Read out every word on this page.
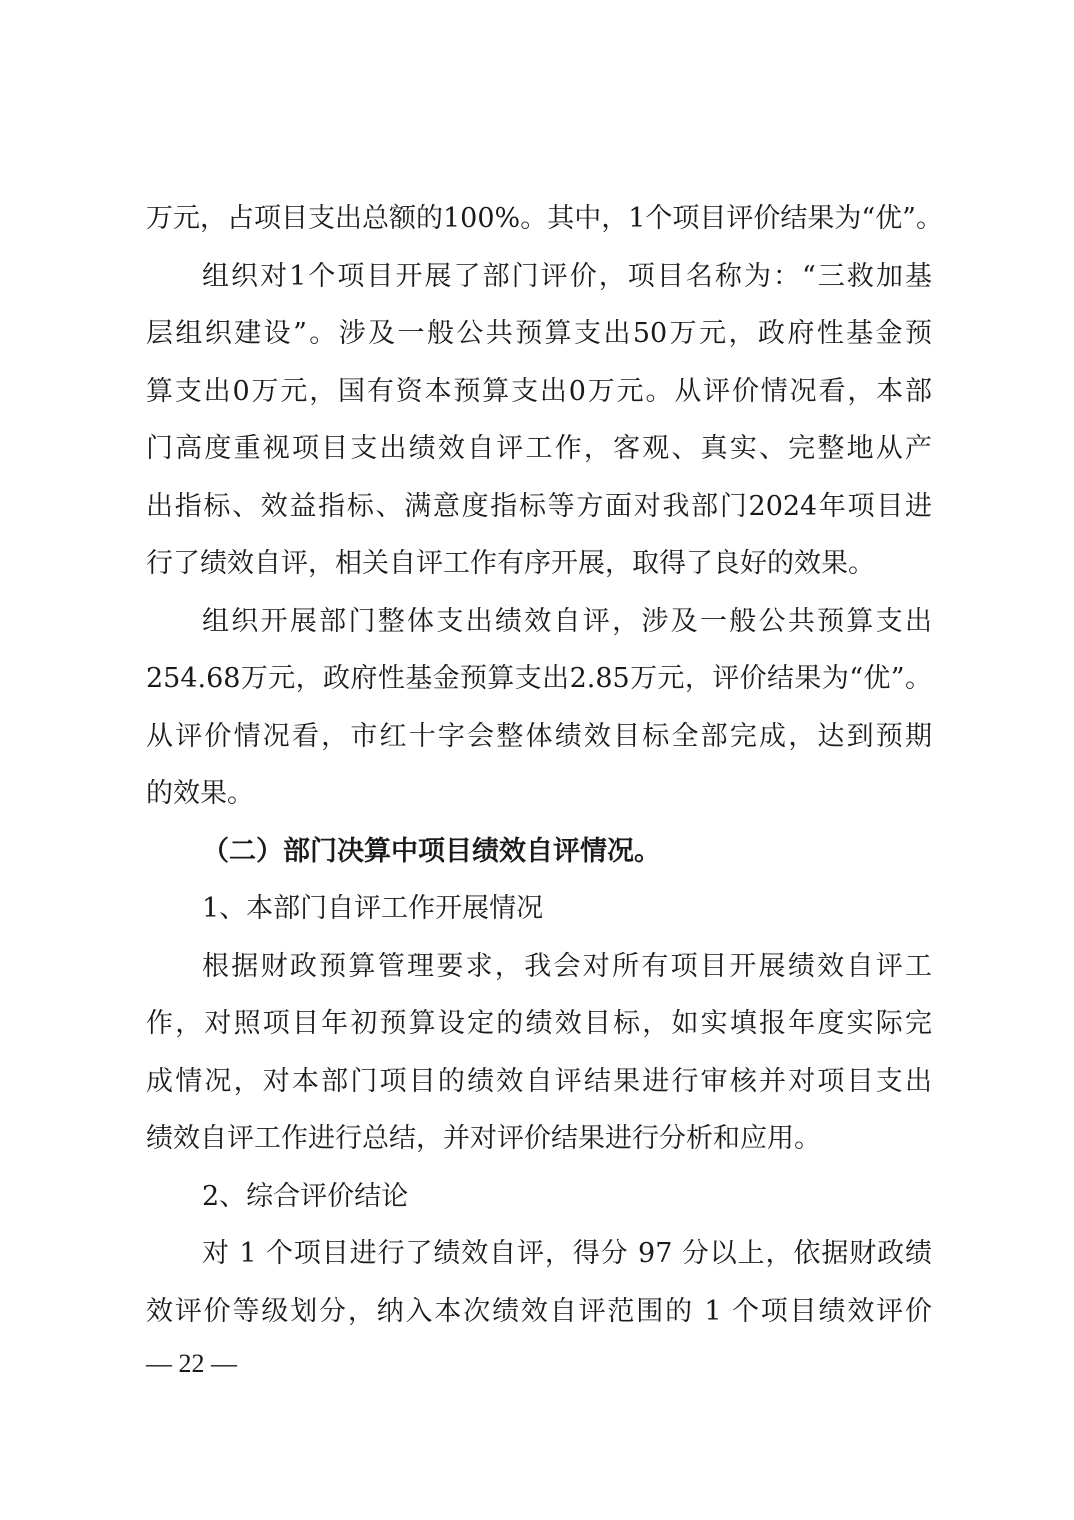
万元，占项目支出总额的100%。其中，1个项目评价结果为“优”。
组织对1个项目开展了部门评价，项目名称为：“三救加基
层组织建设”。涉及一般公共预算支出50万元，政府性基金预
算支出0万元，国有资本预算支出0万元。从评价情况看，本部
门高度重视项目支出绩效自评工作，客观、真实、完整地从产
出指标、效益指标、满意度指标等方面对我部门2024年项目进
行了绩效自评，相关自评工作有序开展，取得了良好的效果。
组织开展部门整体支出绩效自评，涉及一般公共预算支出
254.68万元，政府性基金预算支出2.85万元，评价结果为“优”。
从评价情况看，市红十字会整体绩效目标全部完成，达到预期
的效果。
（二）部门决算中项目绩效自评情况。
1、本部门自评工作开展情况
根据财政预算管理要求，我会对所有项目开展绩效自评工
作，对照项目年初预算设定的绩效目标，如实填报年度实际完
成情况，对本部门项目的绩效自评结果进行审核并对项目支出
绩效自评工作进行总结，并对评价结果进行分析和应用。
2、综合评价结论
对 1 个项目进行了绩效自评，得分 97 分以上，依据财政绩
效评价等级划分，纳入本次绩效自评范围的 1 个项目绩效评价
— 22 —
